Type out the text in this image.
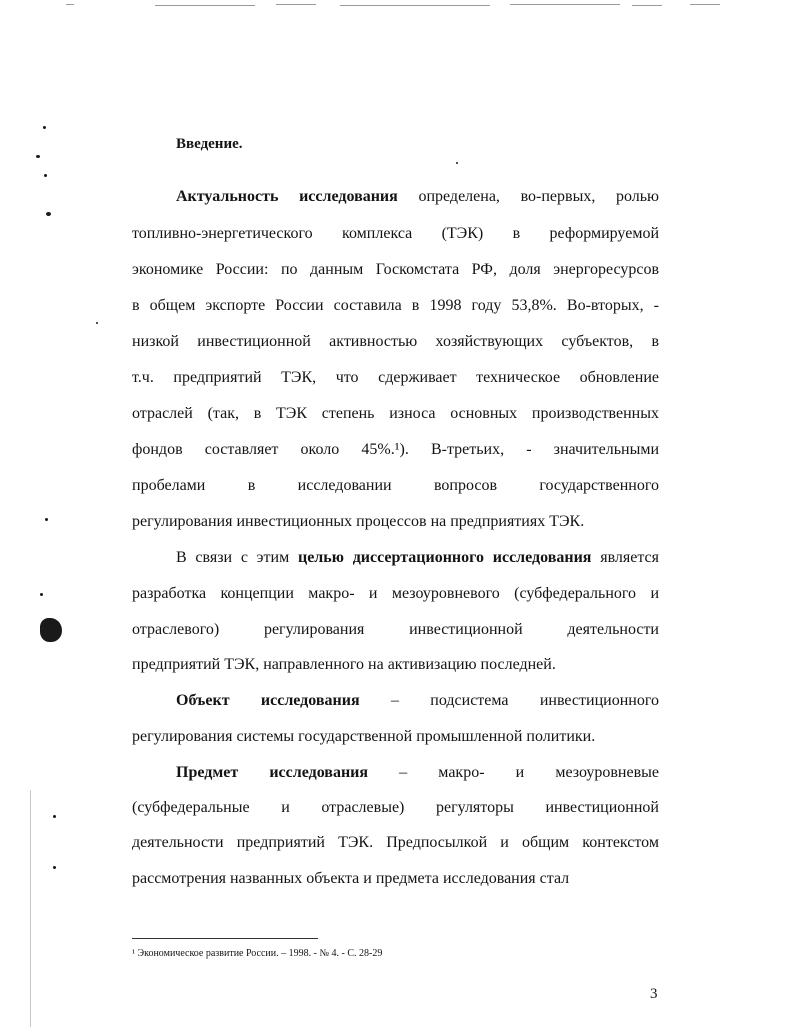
Введение.
Актуальность исследования определена, во-первых, ролью
топливно-энергетического комплекса (ТЭК) в реформируемой
экономике России: по данным Госкомстата РФ, доля энергоресурсов
в общем экспорте России составила в 1998 году 53,8%. Во-вторых, -
низкой инвестиционной активностью хозяйствующих субъектов, в
т.ч. предприятий ТЭК, что сдерживает техническое обновление
отраслей (так, в ТЭК степень износа основных производственных
фондов составляет около 45%.¹). В-третьих, - значительными
пробелами в исследовании вопросов государственного
регулирования инвестиционных процессов на предприятиях ТЭК.
В связи с этим целью диссертационного исследования является
разработка концепции макро- и мезоуровневого (субфедерального и
отраслевого) регулирования инвестиционной деятельности
предприятий ТЭК, направленного на активизацию последней.
Объект исследования – подсистема инвестиционного
регулирования системы государственной промышленной политики.
Предмет исследования – макро- и мезоуровневые
(субфедеральные и отраслевые) регуляторы инвестиционной
деятельности предприятий ТЭК. Предпосылкой и общим контекстом
рассмотрения названных объекта и предмета исследования стал
¹ Экономическое развитие России. – 1998. - № 4. - С. 28-29
3
